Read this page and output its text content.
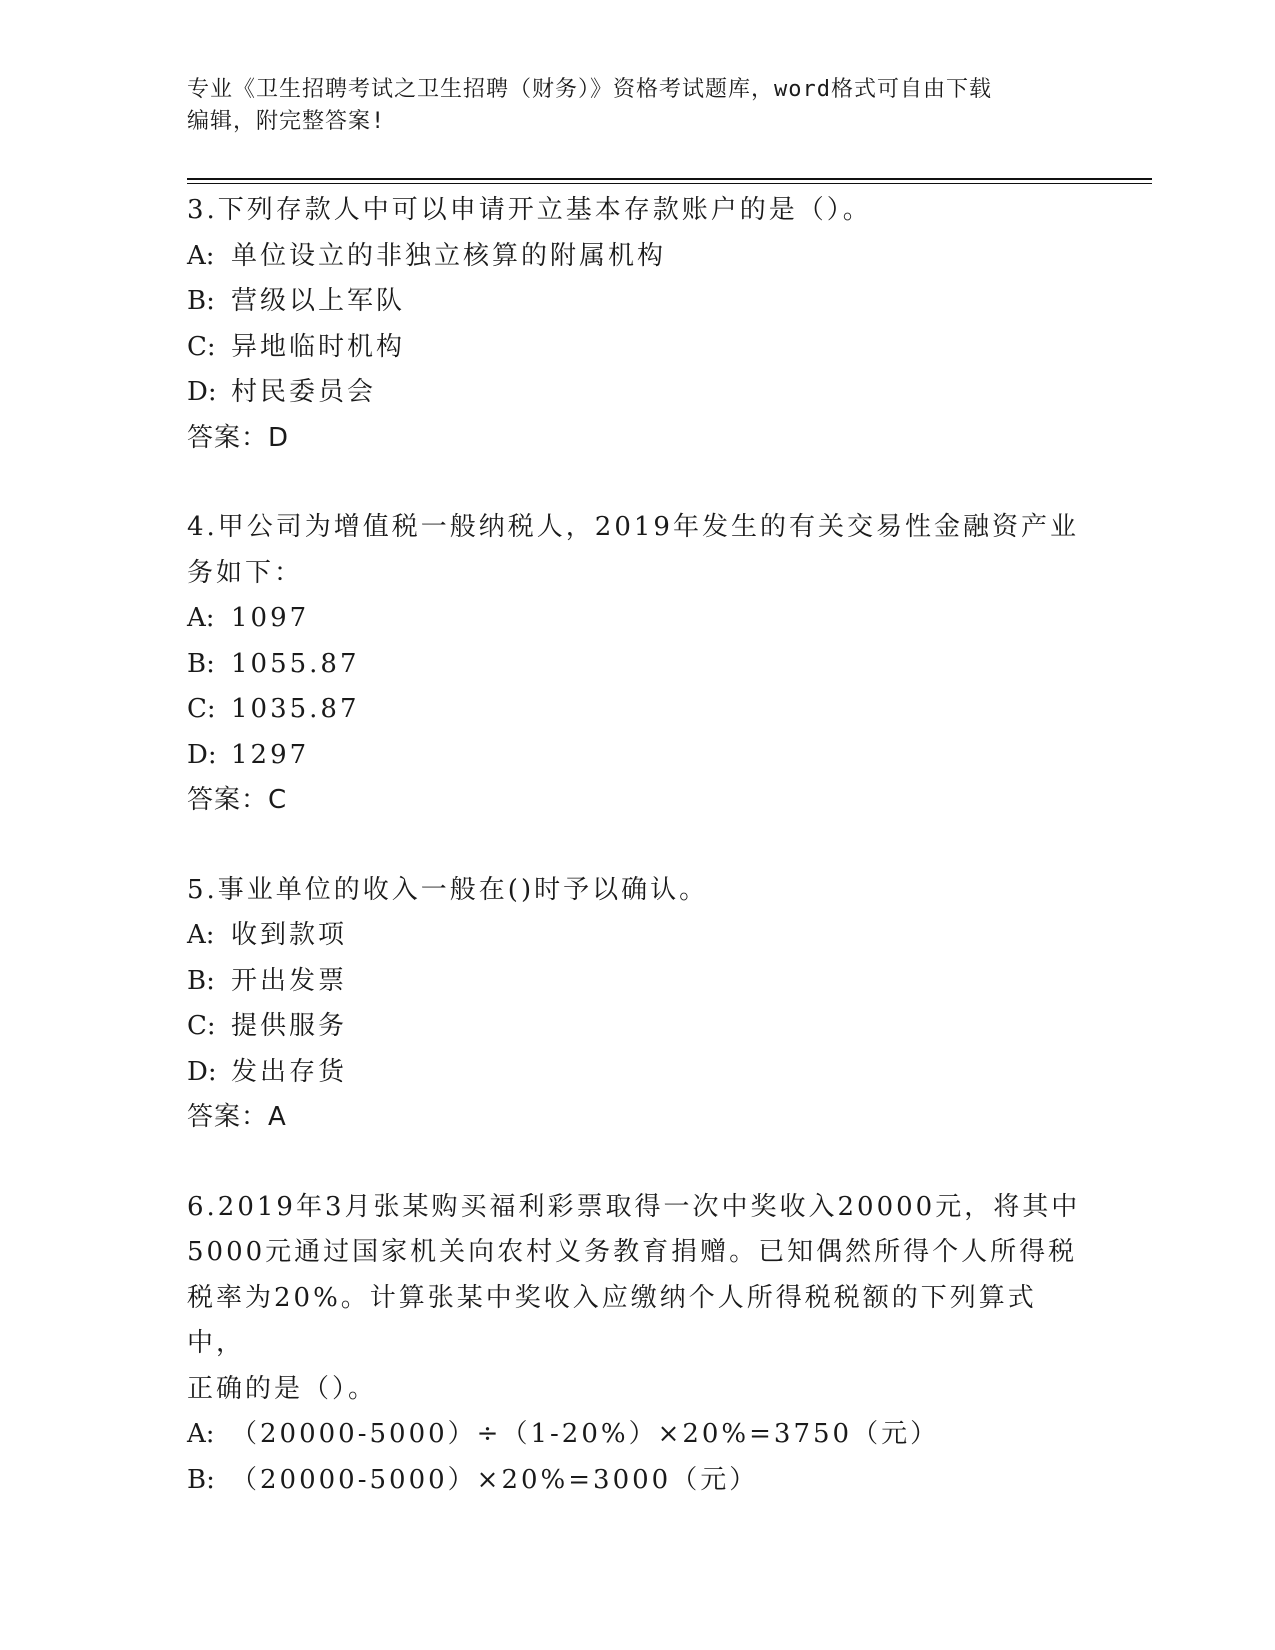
专业《卫生招聘考试之卫生招聘（财务）》资格考试题库，word格式可自由下载
编辑，附完整答案!
3.下列存款人中可以申请开立基本存款账户的是（）。
A: 单位设立的非独立核算的附属机构
B: 营级以上军队
C: 异地临时机构
D: 村民委员会
答案：D
4.甲公司为增值税一般纳税人，2019年发生的有关交易性金融资产业
务如下：
A: 1097
B: 1055.87
C: 1035.87
D: 1297
答案：C
5.事业单位的收入一般在()时予以确认。
A: 收到款项
B: 开出发票
C: 提供服务
D: 发出存货
答案：A
6.2019年3月张某购买福利彩票取得一次中奖收入20000元，将其中
5000元通过国家机关向农村义务教育捐赠。已知偶然所得个人所得税
税率为20%。计算张某中奖收入应缴纳个人所得税税额的下列算式中，
正确的是（）。
A: （20000-5000）÷（1-20%）×20%=3750（元）
B: （20000-5000）×20%=3000（元）
